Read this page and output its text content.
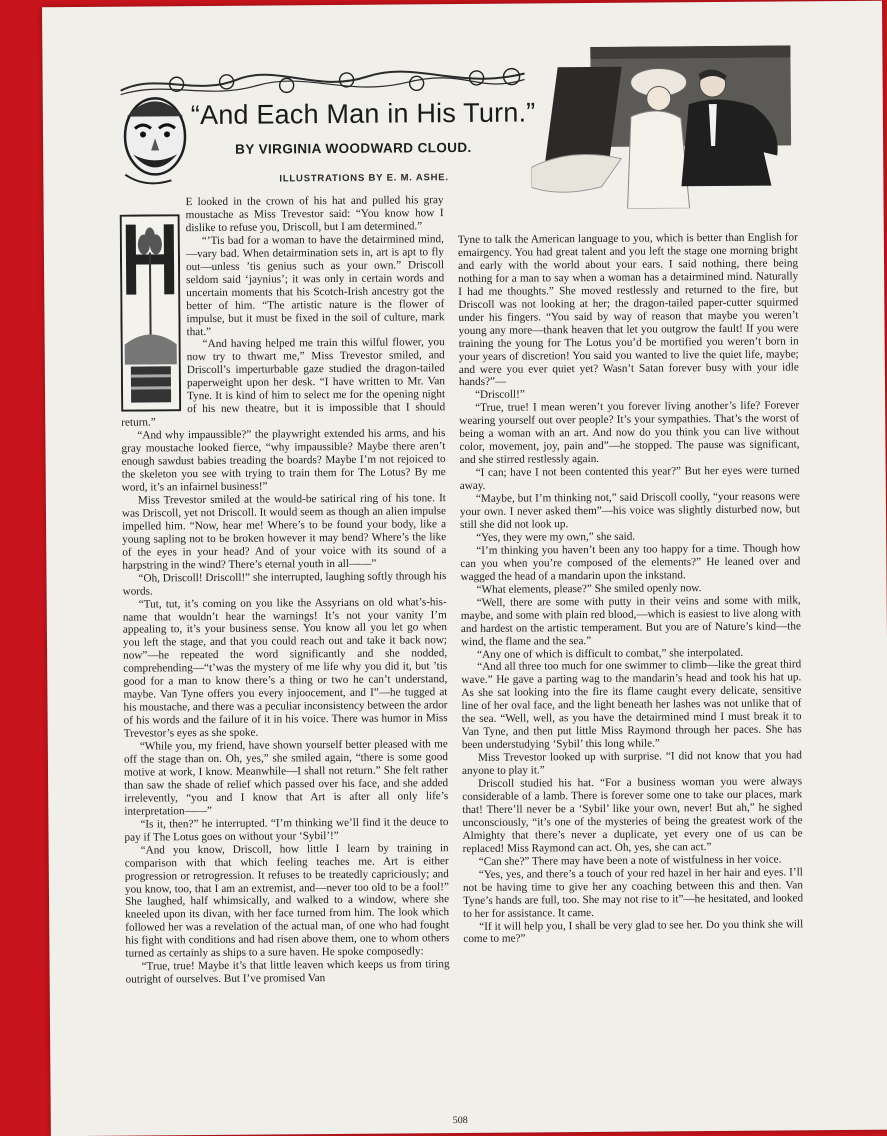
“And Each Man in His Turn.”
BY VIRGINIA WOODWARD CLOUD.
ILLUSTRATIONS BY E. M. ASHE.

E looked in the crown of his hat and pulled his gray moustache as Miss Trevestor said: “You know how I dislike to refuse you, Driscoll, but I am determined.”

“’Tis bad for a woman to have the detairmined mind,—vary bad. When detairmination sets in, art is apt to fly out—unless ’tis genius such as your own.” Driscoll seldom said ‘jaynius’; it was only in certain words and uncertain moments that his Scotch-Irish ancestry got the better of him. “The artistic nature is the flower of impulse, but it must be fixed in the soil of culture, mark that.”

“And having helped me train this wilful flower, you now try to thwart me,” Miss Trevestor smiled, and Driscoll’s imperturbable gaze studied the dragon-tailed paperweight upon her desk. “I have written to Mr. Van Tyne. It is kind of him to select me for the opening night of his new theatre, but it is impossible that I should return.”

“And why impaussible?” the playwright extended his arms, and his gray moustache looked fierce, “why impaussible? Maybe there aren’t enough sawdust babies treading the boards? Maybe I’m not rejoiced to the skeleton you see with trying to train them for The Lotus? By me word, it’s an infairnel business!”

Miss Trevestor smiled at the would-be satirical ring of his tone. It was Driscoll, yet not Driscoll. It would seem as though an alien impulse impelled him. “Now, hear me! Where’s to be found your body, like a young sapling not to be broken however it may bend? Where’s the like of the eyes in your head? And of your voice with its sound of a harpstring in the wind? There’s eternal youth in all——”

“Oh, Driscoll! Driscoll!” she interrupted, laughing softly through his words.

“Tut, tut, it’s coming on you like the Assyrians on old what’s-his-name that wouldn’t hear the warnings! It’s not your vanity I’m appealing to, it’s your business sense. You know all you let go when you left the stage, and that you could reach out and take it back now; now”—he repeated the word significantly and she nodded, comprehending—“t’was the mystery of me life why you did it, but ’tis good for a man to know there’s a thing or two he can’t understand, maybe. Van Tyne offers you every injoocement, and I”—he tugged at his moustache, and there was a peculiar inconsistency between the ardor of his words and the failure of it in his voice. There was humor in Miss Trevestor’s eyes as she spoke.

“While you, my friend, have shown yourself better pleased with me off the stage than on. Oh, yes,” she smiled again, “there is some good motive at work, I know. Meanwhile—I shall not return.” She felt rather than saw the shade of relief which passed over his face, and she added irrelevently, “you and I know that Art is after all only life’s interpretation——”

“Is it, then?” he interrupted. “I’m thinking we’ll find it the deuce to pay if The Lotus goes on without your ‘Sybil’!”

“And you know, Driscoll, how little I learn by training in comparison with that which feeling teaches me. Art is either progression or retrogression. It refuses to be treatedly capriciously; and you know, too, that I am an extremist, and—never too old to be a fool!” She laughed, half whimsically, and walked to a window, where she kneeled upon its divan, with her face turned from him. The look which followed her was a revelation of the actual man, of one who had fought his fight with conditions and had risen above them, one to whom others turned as certainly as ships to a sure haven. He spoke composedly:

“True, true! Maybe it’s that little leaven which keeps us from tiring outright of ourselves. But I’ve promised Van

Tyne to talk the American language to you, which is better than English for emairgency. You had great talent and you left the stage one morning bright and early with the world about your ears. I said nothing, there being nothing for a man to say when a woman has a detairmined mind. Naturally I had me thoughts.” She moved restlessly and returned to the fire, but Driscoll was not looking at her; the dragon-tailed paper-cutter squirmed under his fingers. “You said by way of reason that maybe you weren’t young any more—thank heaven that let you outgrow the fault! If you were training the young for The Lotus you’d be mortified you weren’t born in your years of discretion! You said you wanted to live the quiet life, maybe; and were you ever quiet yet? Wasn’t Satan forever busy with your idle hands?”—

“Driscoll!”

“True, true! I mean weren’t you forever living another’s life? Forever wearing yourself out over people? It’s your sympathies. That’s the worst of being a woman with an art. And now do you think you can live without color, movement, joy, pain and”—he stopped. The pause was significant, and she stirred restlessly again.

“I can; have I not been contented this year?” But her eyes were turned away.

“Maybe, but I’m thinking not,” said Driscoll coolly, “your reasons were your own. I never asked them”—his voice was slightly disturbed now, but still she did not look up.

“Yes, they were my own,” she said.

“I’m thinking you haven’t been any too happy for a time. Though how can you when you’re composed of the elements?” He leaned over and wagged the head of a mandarin upon the inkstand.

“What elements, please?” She smiled openly now.

“Well, there are some with putty in their veins and some with milk, maybe, and some with plain red blood,—which is easiest to live along with and hardest on the artistic temperament. But you are of Nature’s kind—the wind, the flame and the sea.”

“Any one of which is difficult to combat,” she interpolated.

“And all three too much for one swimmer to climb—like the great third wave.” He gave a parting wag to the mandarin’s head and took his hat up. As she sat looking into the fire its flame caught every delicate, sensitive line of her oval face, and the light beneath her lashes was not unlike that of the sea. “Well, well, as you have the detairmined mind I must break it to Van Tyne, and then put little Miss Raymond through her paces. She has been understudying ‘Sybil’ this long while.”

Miss Trevestor looked up with surprise. “I did not know that you had anyone to play it.”

Driscoll studied his hat. “For a business woman you were always considerable of a lamb. There is forever some one to take our places, mark that! There’ll never be a ‘Sybil’ like your own, never! But ah,” he sighed unconsciously, “it’s one of the mysteries of being the greatest work of the Almighty that there’s never a duplicate, yet every one of us can be replaced! Miss Raymond can act. Oh, yes, she can act.”

“Can she?” There may have been a note of wistfulness in her voice.

“Yes, yes, and there’s a touch of your red hazel in her hair and eyes. I’ll not be having time to give her any coaching between this and then. Van Tyne’s hands are full, too. She may not rise to it”—he hesitated, and looked to her for assistance. It came.

“If it will help you, I shall be very glad to see her. Do you think she will come to me?”

508
